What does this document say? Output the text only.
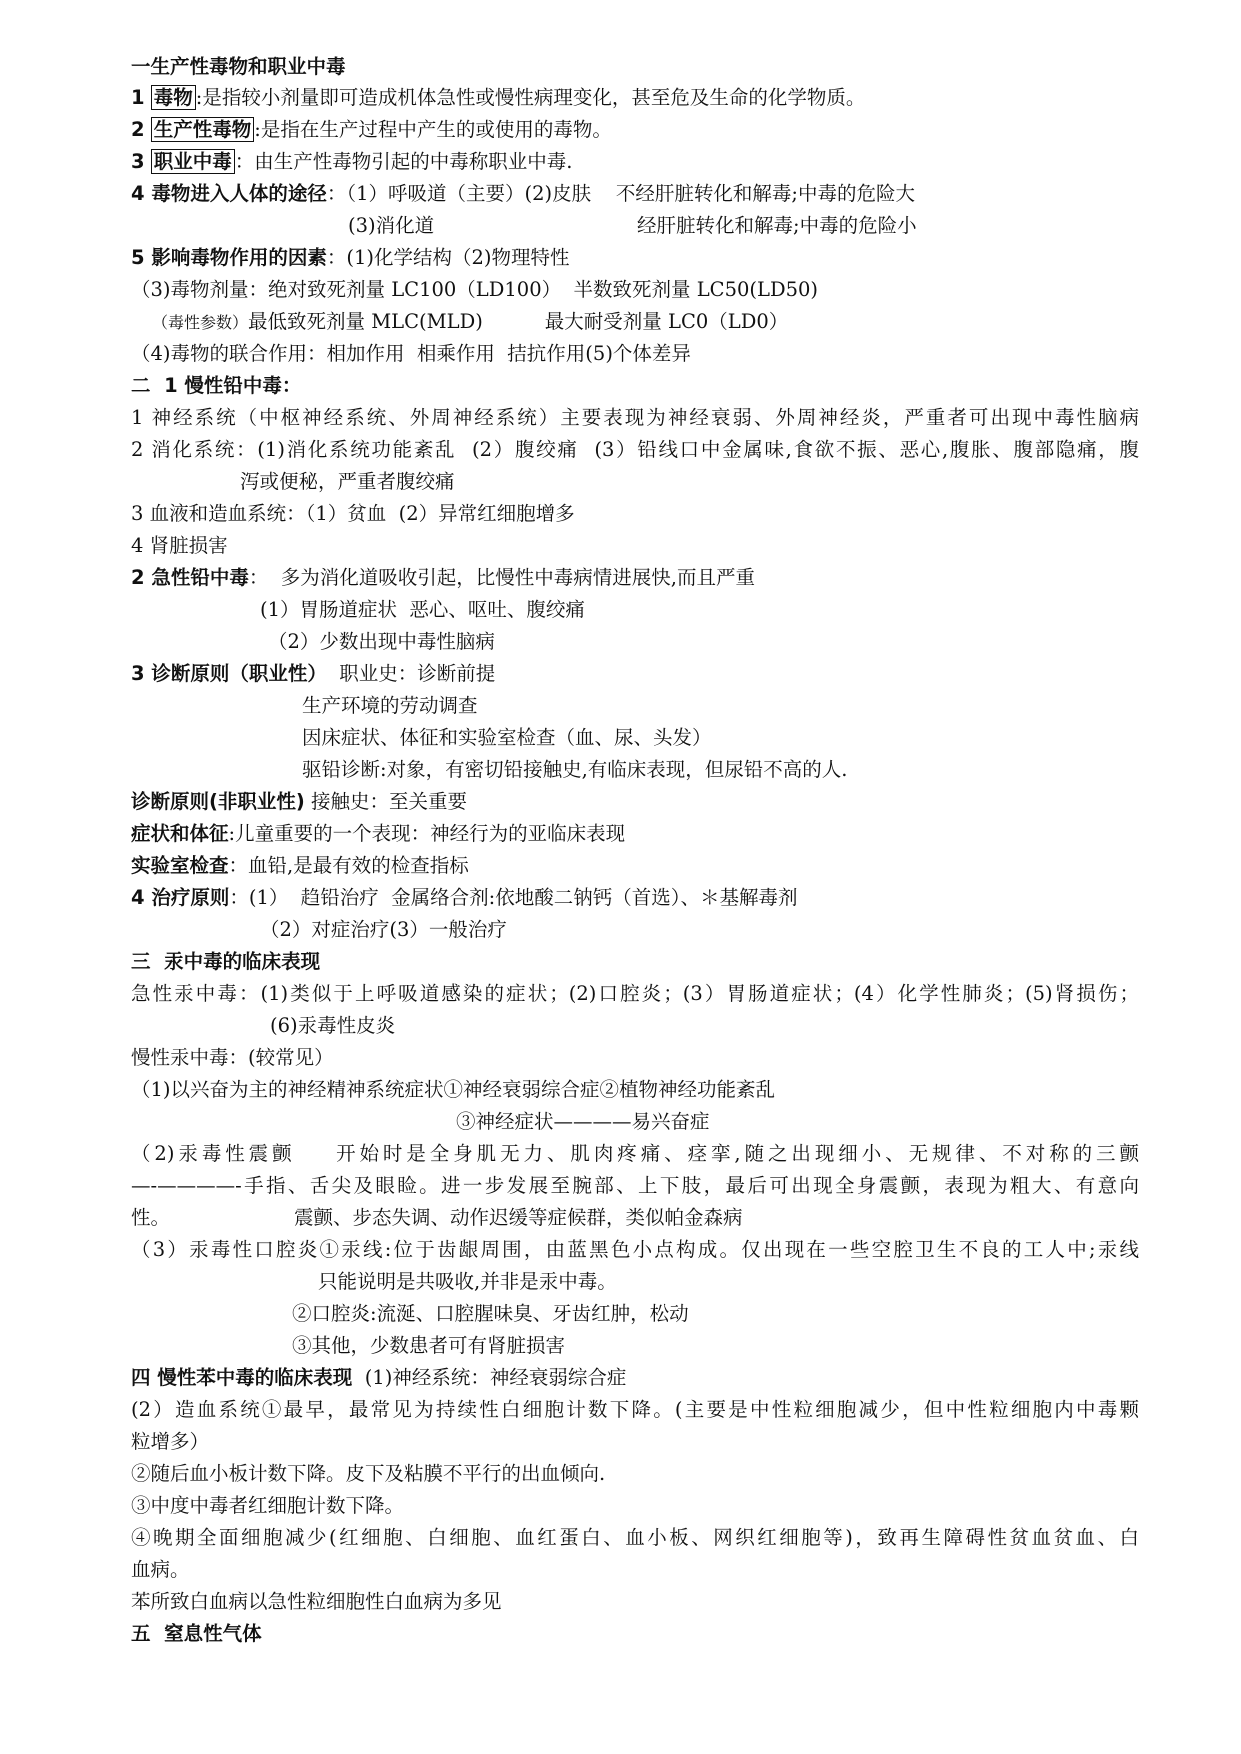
一生产性毒物和职业中毒
1 毒物 :是指较小剂量即可造成机体急性或慢性病理变化，甚至危及生命的化学物质。
2 生产性毒物 :是指在生产过程中产生的或使用的毒物。
3 职业中毒 ：由生产性毒物引起的中毒称职业中毒.
4 毒物进入人体的途径：（1）呼吸道（主要）(2)皮肤    不经肝脏转化和解毒;中毒的危险大
(3)消化道	经肝脏转化和解毒;中毒的危险小
5 影响毒物作用的因素：(1)化学结构（2)物理特性
（3)毒物剂量：绝对致死剂量 LC100（LD100）  半数致死剂量 LC50(LD50)
（毒性参数）最低致死剂量 MLC(MLD)          最大耐受剂量 LC0（LD0）
（4)毒物的联合作用：相加作用  相乘作用  拮抗作用(5)个体差异
二  1 慢性铅中毒：
1 神经系统（中枢神经系统、外周神经系统）主要表现为神经衰弱、外周神经炎，严重者可出现中毒性脑病
2 消化系统：(1)消化系统功能紊乱  (2）腹绞痛  (3）铅线口中金属味,食欲不振、恶心,腹胀、腹部隐痛，腹
泻或便秘，严重者腹绞痛
3 血液和造血系统：（1）贫血  (2）异常红细胞增多
4 肾脏损害
2 急性铅中毒：  多为消化道吸收引起，比慢性中毒病情进展快,而且严重
(1）胃肠道症状  恶心、呕吐、腹绞痛
（2）少数出现中毒性脑病
3 诊断原则（职业性）  职业史：诊断前提
生产环境的劳动调查
因床症状、体征和实验室检查（血、尿、头发）
驱铅诊断:对象，有密切铅接触史,有临床表现，但尿铅不高的人.
诊断原则(非职业性) 接触史：至关重要
症状和体征:儿童重要的一个表现：神经行为的亚临床表现
实验室检查：血铅,是最有效的检查指标
4 治疗原则：(1）  趋铅治疗  金属络合剂:依地酸二钠钙（首选）、＊基解毒剂
（2）对症治疗(3）一般治疗
三  汞中毒的临床表现
急性汞中毒：(1)类似于上呼吸道感染的症状；(2)口腔炎；(3）胃肠道症状；(4）化学性肺炎；(5)肾损伤；
(6)汞毒性皮炎
慢性汞中毒：(较常见）
（1)以兴奋为主的神经精神系统症状①神经衰弱综合症②植物神经功能紊乱
③神经症状————易兴奋症
（2)汞毒性震颤    开始时是全身肌无力、肌肉疼痛、痉挛,随之出现细小、无规律、不对称的三颤
—-————-手指、舌尖及眼睑。进一步发展至腕部、上下肢，最后可出现全身震颤，表现为粗大、有意向
性。                    震颤、步态失调、动作迟缓等症候群，类似帕金森病
（3）汞毒性口腔炎①汞线:位于齿龈周围，由蓝黑色小点构成。仅出现在一些空腔卫生不良的工人中;汞线
只能说明是共吸收,并非是汞中毒。
②口腔炎:流涎、口腔腥味臭、牙齿红肿，松动
③其他，少数患者可有肾脏损害
四 慢性苯中毒的临床表现  (1)神经系统：神经衰弱综合症
(2）造血系统①最早，最常见为持续性白细胞计数下降。(主要是中性粒细胞减少，但中性粒细胞内中毒颗
粒增多）
②随后血小板计数下降。皮下及粘膜不平行的出血倾向.
③中度中毒者红细胞计数下降。
④晚期全面细胞减少(红细胞、白细胞、血红蛋白、血小板、网织红细胞等)，致再生障碍性贫血贫血、白
血病。
苯所致白血病以急性粒细胞性白血病为多见
五  窒息性气体
